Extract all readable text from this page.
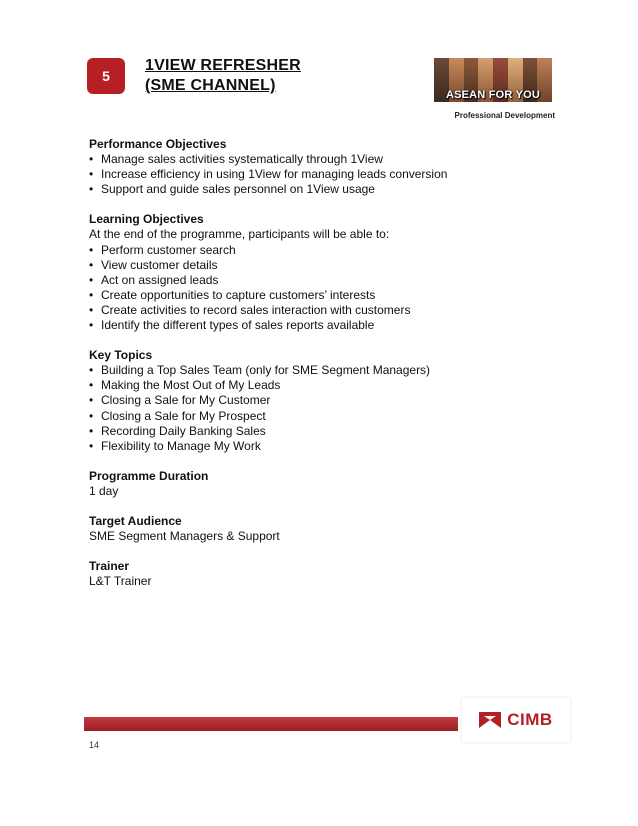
5
1VIEW REFRESHER
(SME CHANNEL)
ASEAN FOR YOU
Professional Development
Performance Objectives
• Manage sales activities systematically through 1View
• Increase efficiency in using 1View for managing leads conversion
• Support and guide sales personnel on 1View usage
Learning Objectives

At the end of the programme, participants will be able to:

• Perform customer search
• View customer details
• Act on assigned leads
• Create opportunities to capture customers’ interests
• Create activities to record sales interaction with customers
• Identify the different types of sales reports available
Key Topics
• Building a Top Sales Team (only for SME Segment Managers)
• Making the Most Out of My Leads
• Closing a Sale for My Customer
• Closing a Sale for My Prospect
• Recording Daily Banking Sales
• Flexibility to Manage My Work
Programme Duration

1 day

Target Audience

SME Segment Managers & Support

Trainer

L&T Trainer

CIMB
14
